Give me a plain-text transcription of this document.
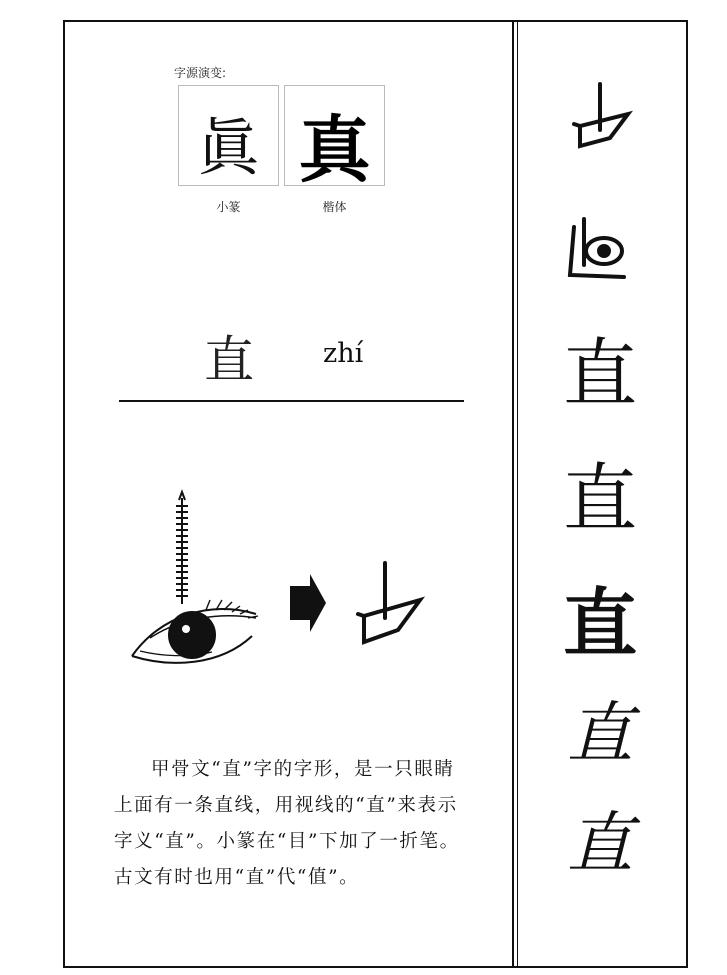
字源演变:
眞 真
小篆	楷体
直	zhí
甲骨文“直”字的字形，是一只眼睛上面有一条直线，用视线的“直”来表示字义“直”。小篆在“目”下加了一折笔。古文有时也用“直”代“值”。
直
直
直
直
直
